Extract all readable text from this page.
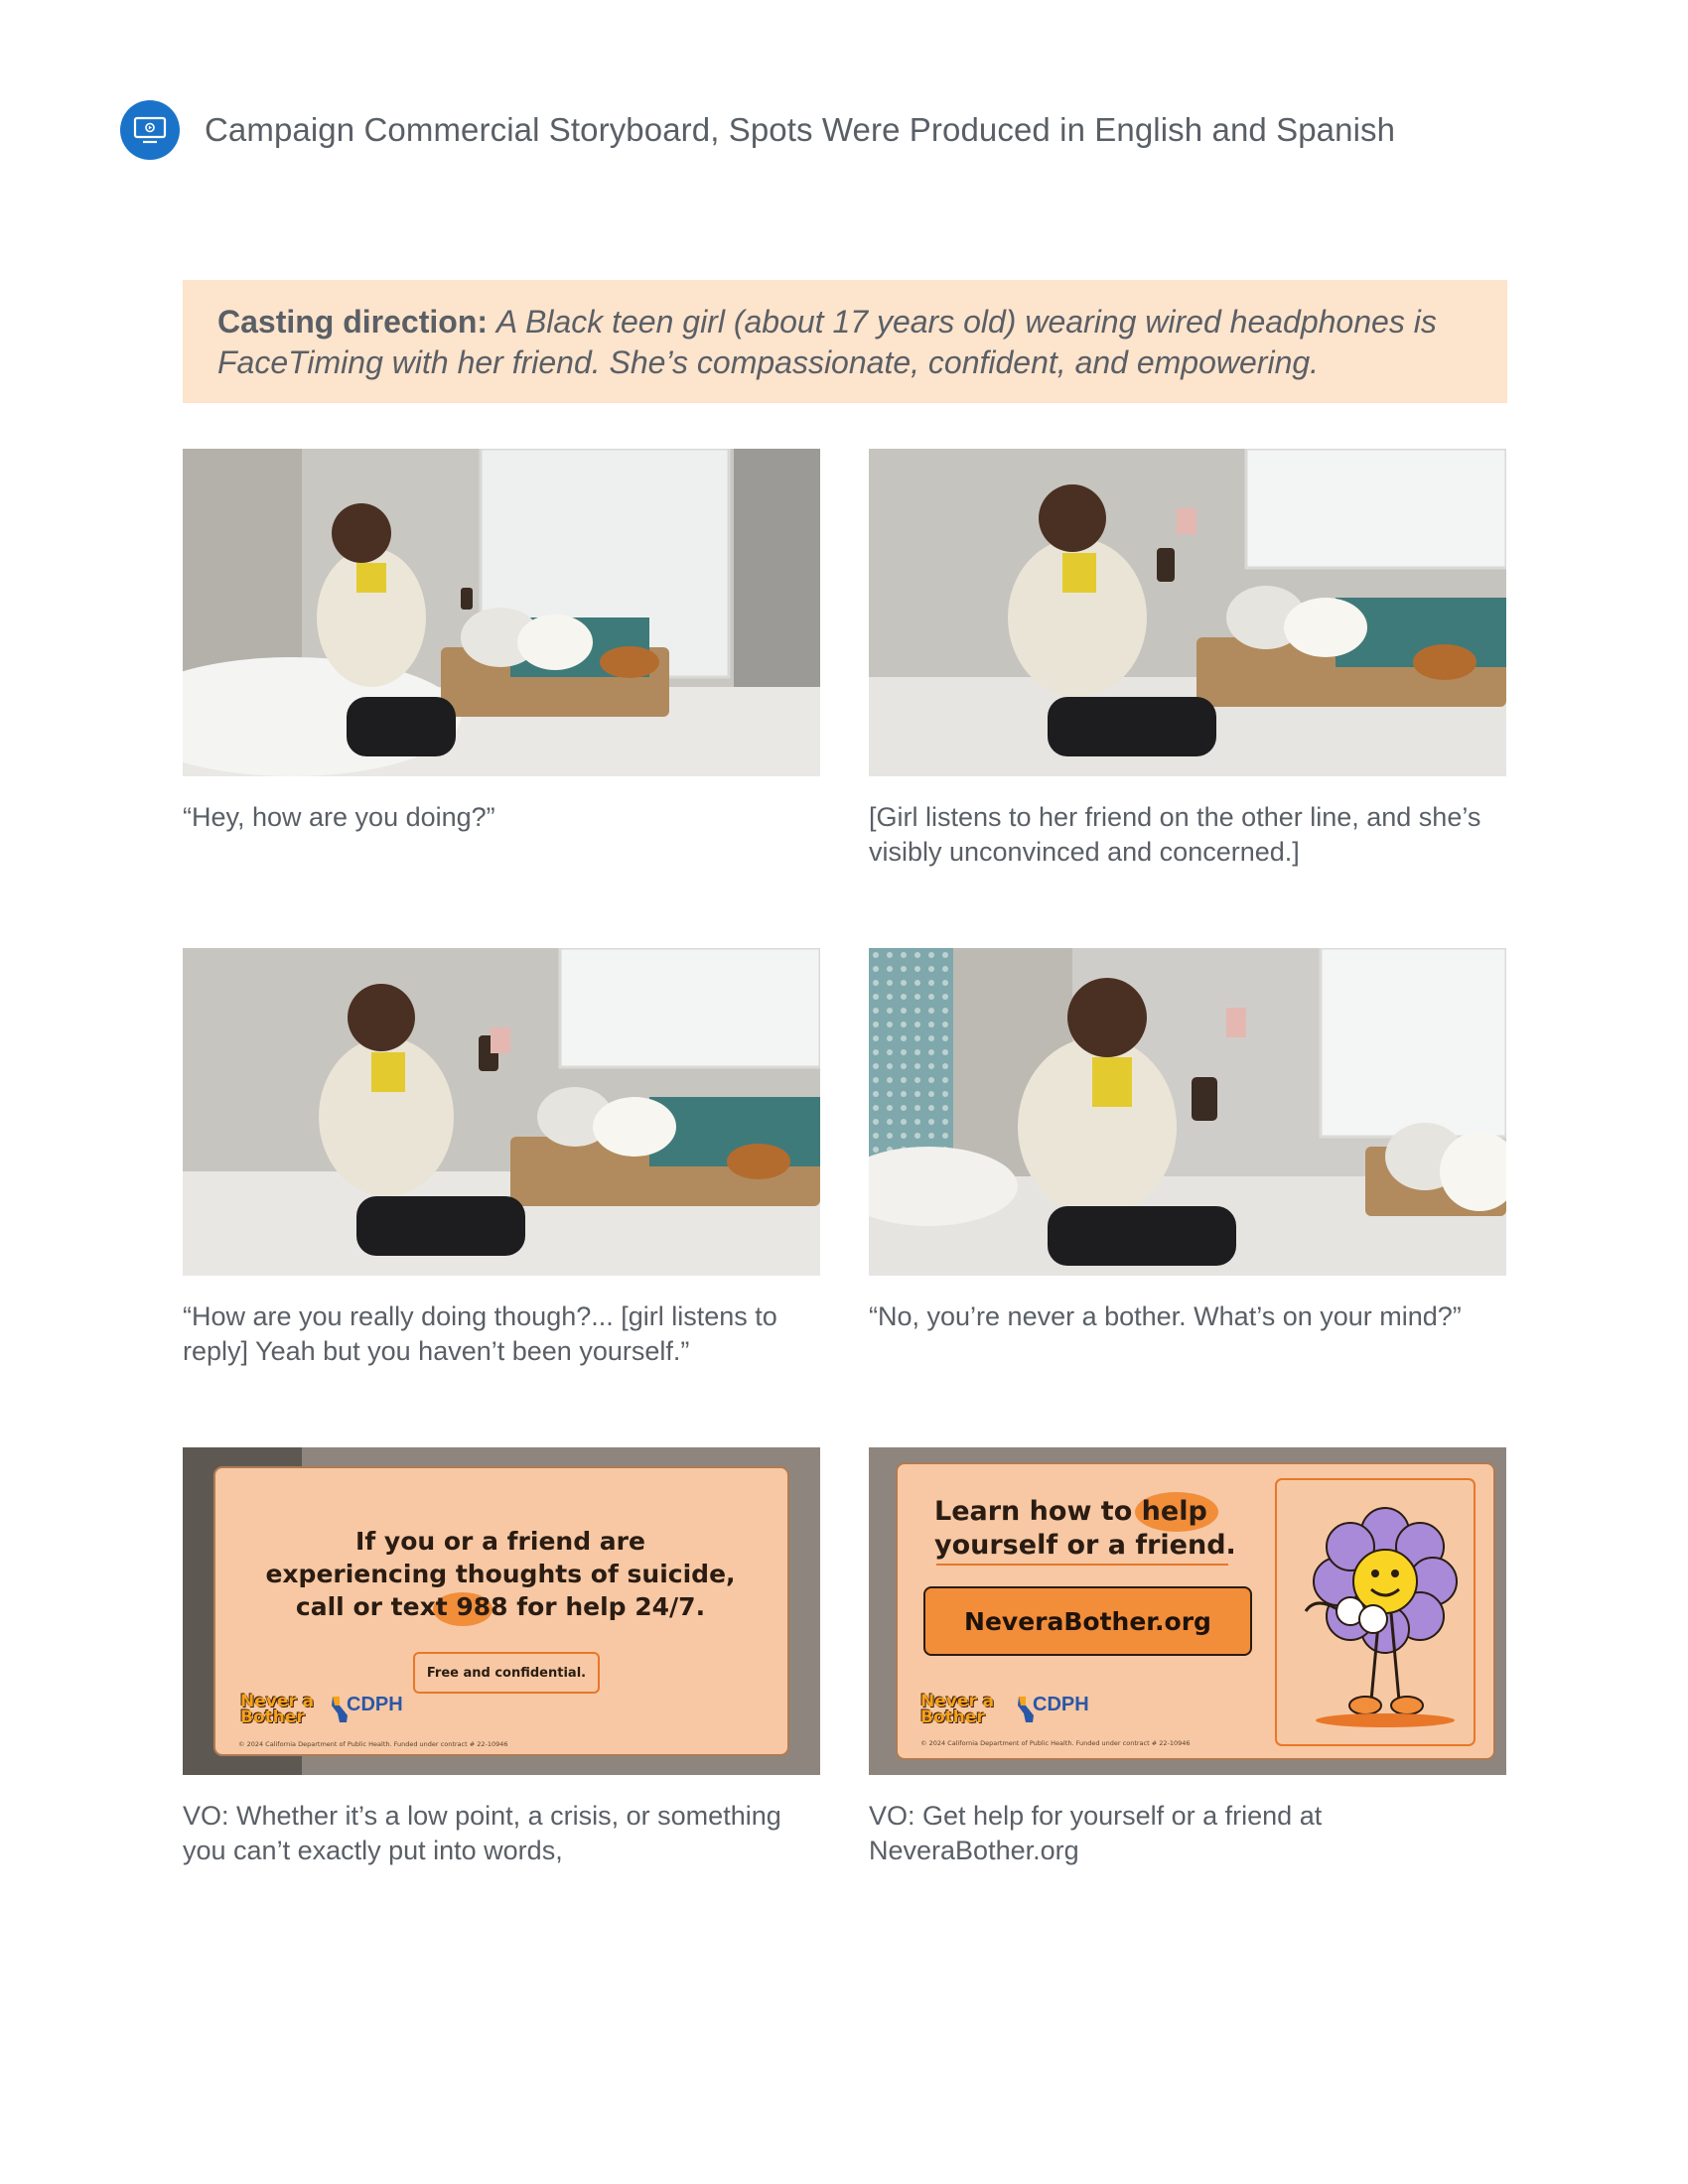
Campaign Commercial Storyboard, Spots Were Produced in English and Spanish
Casting direction: A Black teen girl (about 17 years old) wearing wired headphones is FaceTiming with her friend. She’s compassionate, confident, and empowering.
“Hey, how are you doing?”	[Girl listens to her friend on the other line, and she’s visibly unconvinced and concerned.]
“How are you really doing though?... [girl listens to reply] Yeah but you haven’t been yourself.”
“No, you’re never a bother. What’s on your mind?”
If you or a friend are
experiencing thoughts of suicide,
call or text 988 for help 24/7.
Free and confidential.
Never a
Bother
CDPH
© 2024 California Department of Public Health. Funded under contract # 22-10946
VO: Whether it’s a low point, a crisis, or something you can’t exactly put into words,
Learn how to help
yourself or a friend.
NeveraBother.org
Never a
Bother
CDPH
© 2024 California Department of Public Health. Funded under contract # 22-10946
VO: Get help for yourself or a friend at NeveraBother.org
